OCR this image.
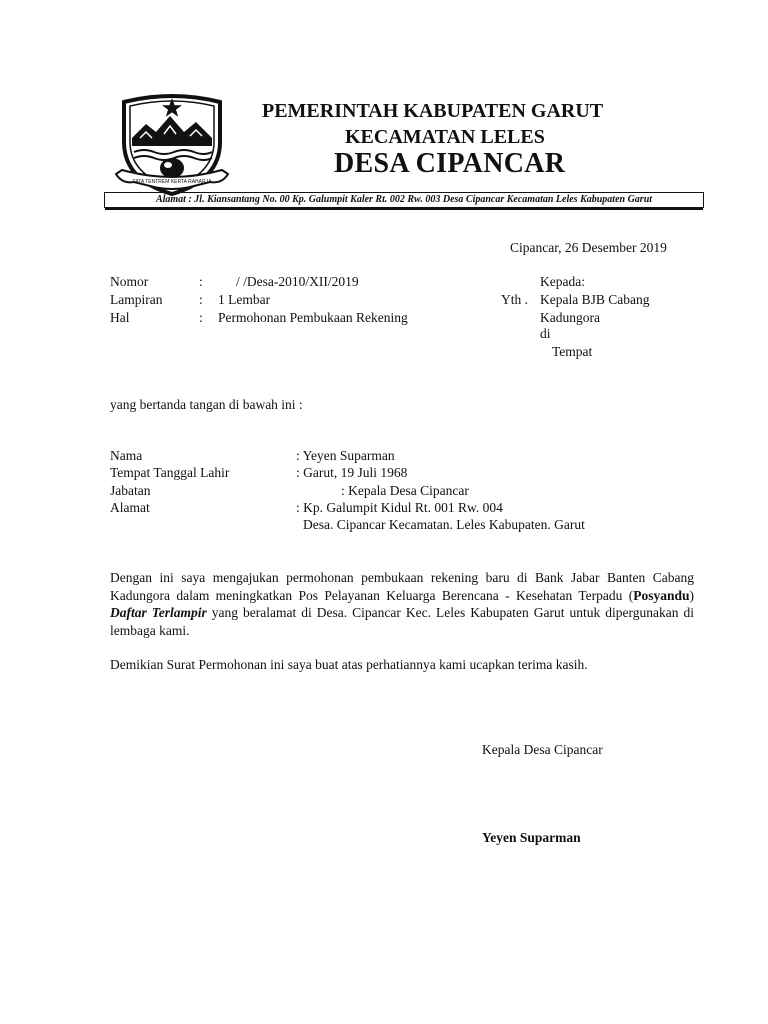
TATA TENTREM KERTA RAHARJA
PEMERINTAH KABUPATEN GARUT
KECAMATAN LELES
DESA CIPANCAR
Alamat : Jl. Kiansantang No. 00 Kp. Galumpit Kaler Rt. 002 Rw. 003 Desa Cipancar Kecamatan Leles Kabupaten Garut
Cipancar, 26 Desember 2019
Nomor	: / /Desa-2010/XII/2019
Lampiran	: 1 Lembar
Hal	: Permohonan Pembukaan Rekening
Kepada:
Yth . Kepala BJB Cabang
Kadungora
di
Tempat
yang bertanda tangan di bawah ini :
Nama	: Yeyen Suparman
Tempat Tanggal Lahir	: Garut, 19 Juli 1968
Jabatan	: Kepala Desa Cipancar
Alamat	: Kp. Galumpit Kidul Rt. 001 Rw. 004
Desa. Cipancar Kecamatan. Leles Kabupaten. Garut
Dengan ini saya mengajukan permohonan pembukaan rekening baru di Bank Jabar Banten Cabang Kadungora dalam meningkatkan Pos Pelayanan Keluarga Berencana - Kesehatan Terpadu (Posyandu) Daftar Terlampir yang beralamat di Desa. Cipancar Kec. Leles Kabupaten Garut untuk dipergunakan di lembaga kami.
Demikian Surat Permohonan ini saya buat atas perhatiannya kami ucapkan terima kasih.
Kepala Desa Cipancar
Yeyen Suparman
